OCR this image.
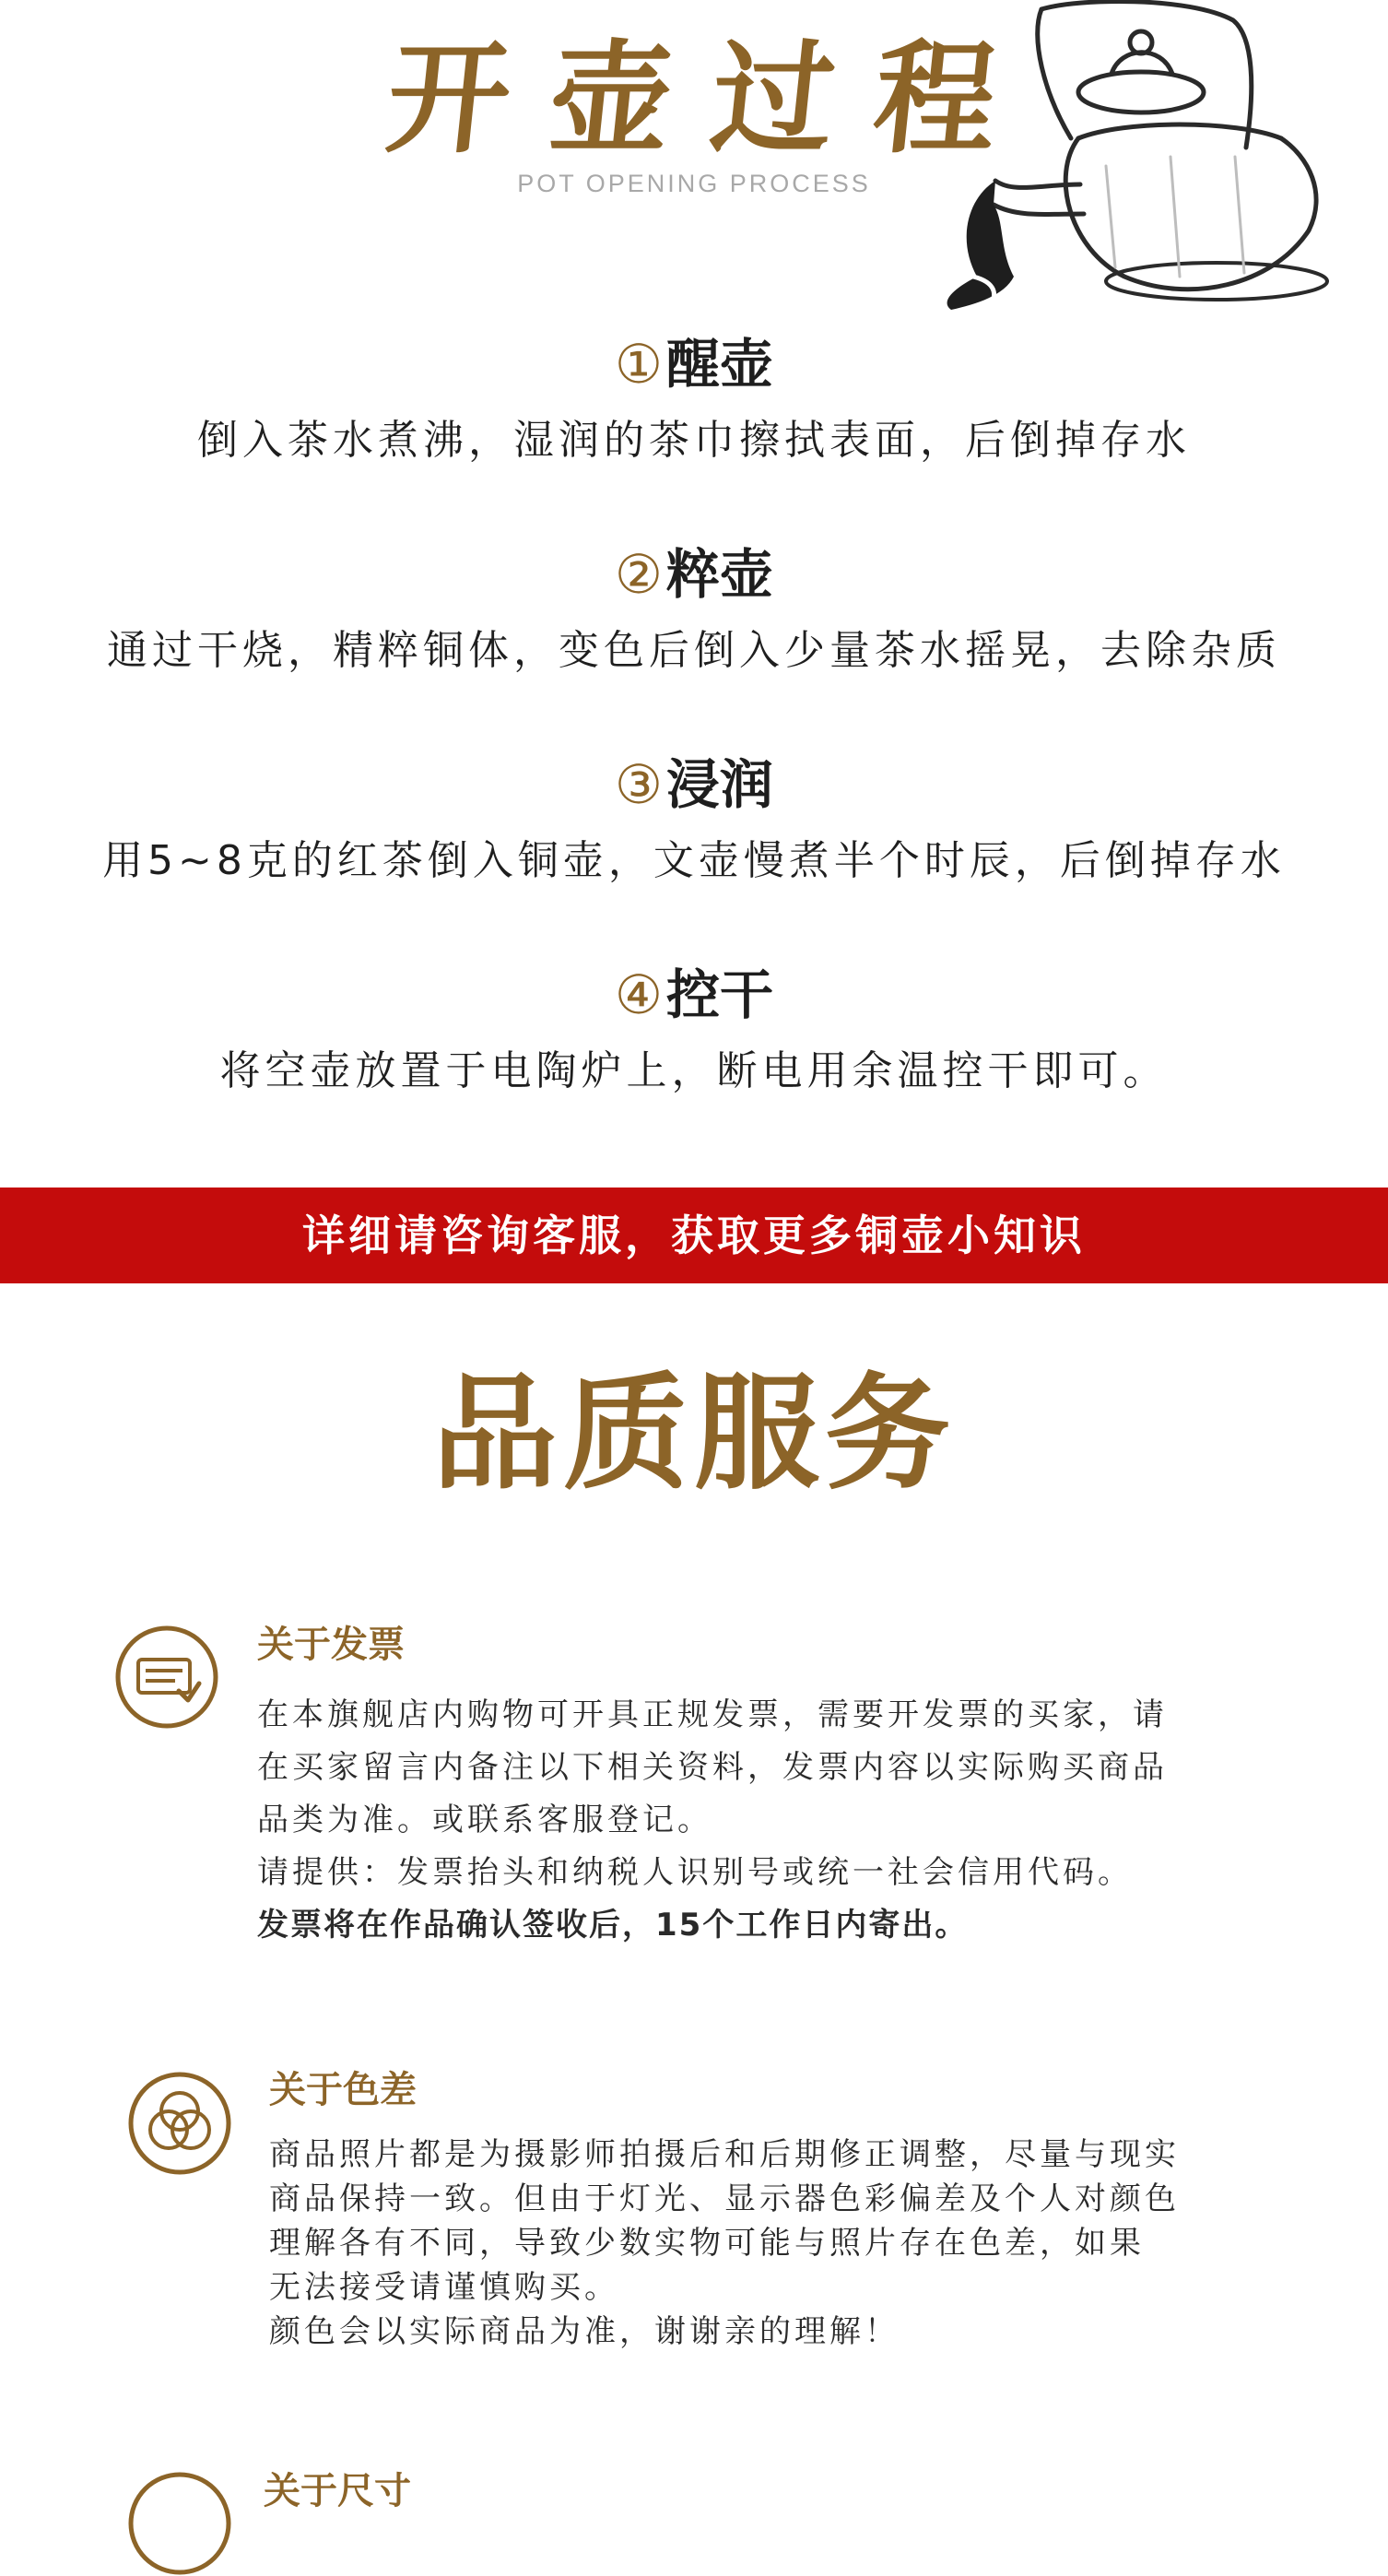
开壶过程
POT OPENING PROCESS
①醒壶
倒入茶水煮沸，湿润的茶巾擦拭表面，后倒掉存水
②粹壶
通过干烧，精粹铜体，变色后倒入少量茶水摇晃，去除杂质
③浸润
用5~8克的红茶倒入铜壶，文壶慢煮半个时辰，后倒掉存水
④控干
将空壶放置于电陶炉上，断电用余温控干即可。
详细请咨询客服，获取更多铜壶小知识
品质服务
关于发票
在本旗舰店内购物可开具正规发票，需要开发票的买家，请
在买家留言内备注以下相关资料，发票内容以实际购买商品
品类为准。或联系客服登记。
请提供：发票抬头和纳税人识别号或统一社会信用代码。
发票将在作品确认签收后，15个工作日内寄出。
关于色差
商品照片都是为摄影师拍摄后和后期修正调整，尽量与现实
商品保持一致。但由于灯光、显示器色彩偏差及个人对颜色
理解各有不同，导致少数实物可能与照片存在色差，如果
无法接受请谨慎购买。
颜色会以实际商品为准，谢谢亲的理解！
关于尺寸
